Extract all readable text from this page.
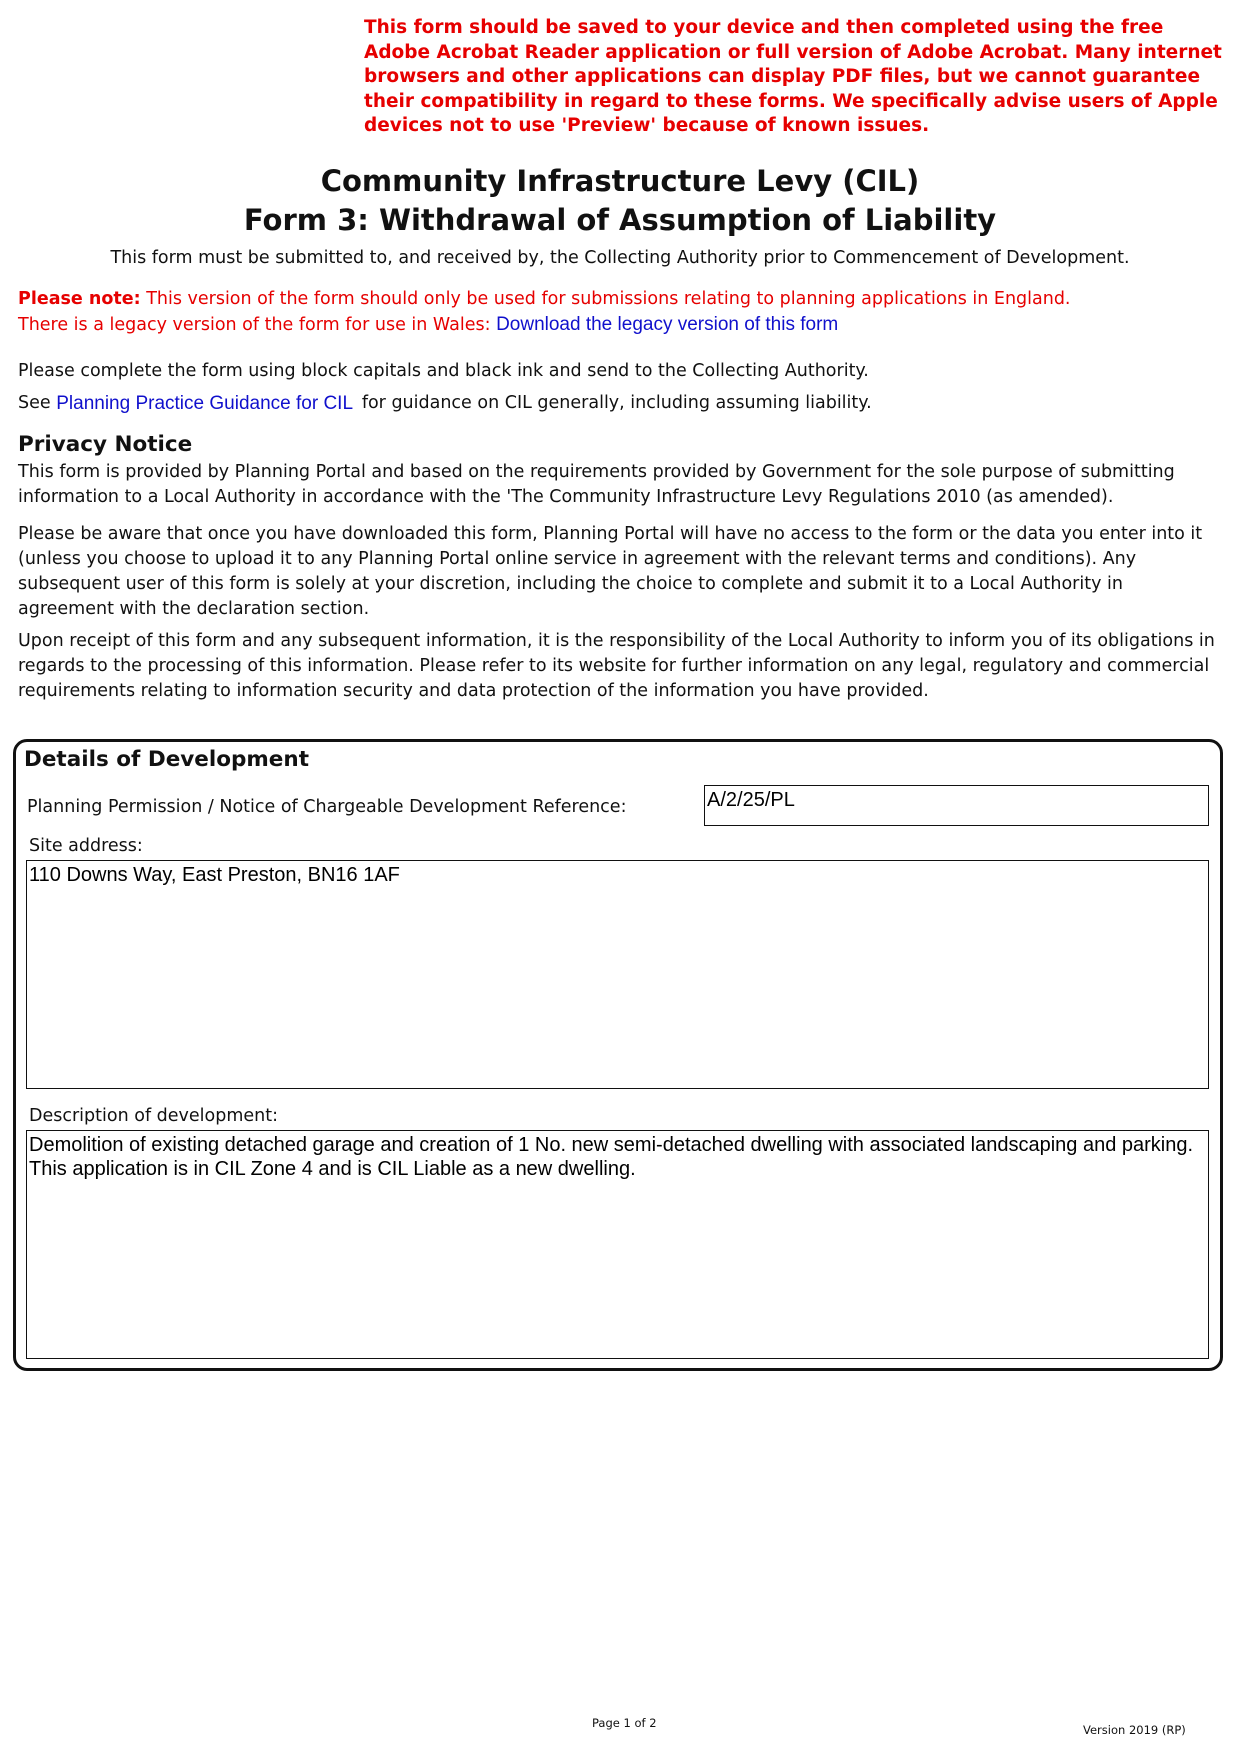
This form should be saved to your device and then completed using the free Adobe Acrobat Reader application or full version of Adobe Acrobat. Many internet browsers and other applications can display PDF files, but we cannot guarantee their compatibility in regard to these forms. We specifically advise users of Apple devices not to use 'Preview' because of known issues.
Community Infrastructure Levy (CIL)
Form 3: Withdrawal of Assumption of Liability
This form must be submitted to, and received by, the Collecting Authority prior to Commencement of Development.
Please note: This version of the form should only be used for submissions relating to planning applications in England.
There is a legacy version of the form for use in Wales: Download the legacy version of this form
Please complete the form using block capitals and black ink and send to the Collecting Authority.
See Planning Practice Guidance for CIL for guidance on CIL generally, including assuming liability.
Privacy Notice
This form is provided by Planning Portal and based on the requirements provided by Government for the sole purpose of submitting information to a Local Authority in accordance with the 'The Community Infrastructure Levy Regulations 2010 (as amended).
Please be aware that once you have downloaded this form, Planning Portal will have no access to the form or the data you enter into it (unless you choose to upload it to any Planning Portal online service in agreement with the relevant terms and conditions). Any subsequent user of this form is solely at your discretion, including the choice to complete and submit it to a Local Authority in agreement with the declaration section.
Upon receipt of this form and any subsequent information, it is the responsibility of the Local Authority to inform you of its obligations in regards to the processing of this information. Please refer to its website for further information on any legal, regulatory and commercial requirements relating to information security and data protection of the information you have provided.
Details of Development
Planning Permission / Notice of Chargeable Development Reference:	A/2/25/PL
Site address:
110 Downs Way, East Preston, BN16 1AF
Description of development:
Demolition of existing detached garage and creation of 1 No. new semi-detached dwelling with associated landscaping and parking. This application is in CIL Zone 4 and is CIL Liable as a new dwelling.
Page 1 of 2	Version 2019 (RP)
